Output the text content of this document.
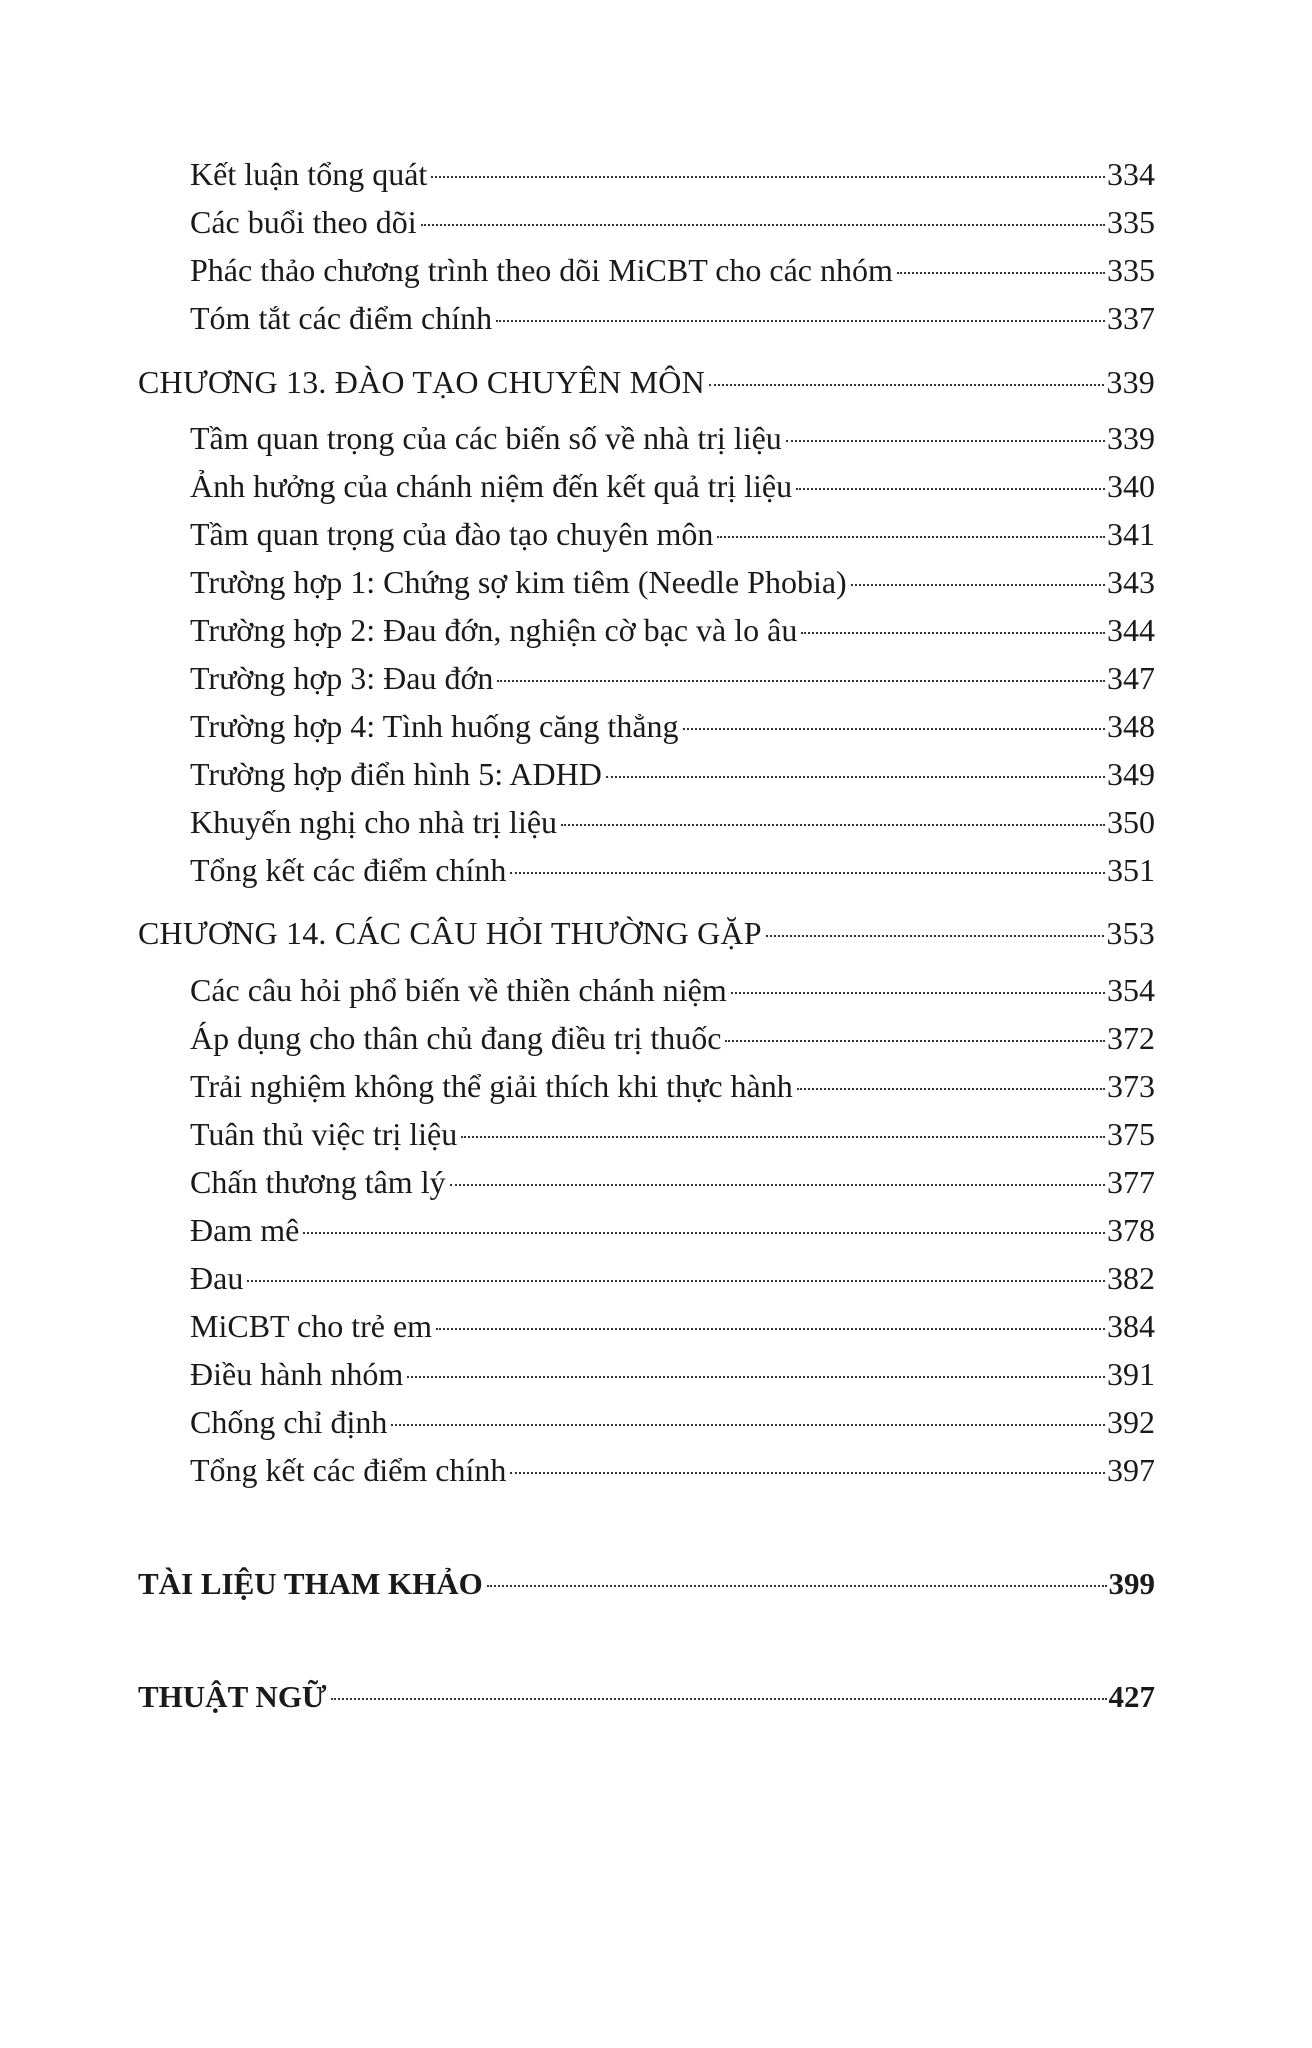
Kết luận tổng quát	334
Các buổi theo dõi	335
Phác thảo chương trình theo dõi MiCBT cho các nhóm	335
Tóm tắt các điểm chính	337
CHƯƠNG 13. ĐÀO TẠO CHUYÊN MÔN	339
Tầm quan trọng của các biến số về nhà trị liệu	339
Ảnh hưởng của chánh niệm đến kết quả trị liệu	340
Tầm quan trọng của đào tạo chuyên môn	341
Trường hợp 1: Chứng sợ kim tiêm (Needle Phobia)	343
Trường hợp 2: Đau đớn, nghiện cờ bạc và lo âu	344
Trường hợp 3: Đau đớn	347
Trường hợp 4: Tình huống căng thẳng	348
Trường hợp điển hình 5: ADHD	349
Khuyến nghị cho nhà trị liệu	350
Tổng kết các điểm chính	351
CHƯƠNG 14. CÁC CÂU HỎI THƯỜNG GẶP	353
Các câu hỏi phổ biến về thiền chánh niệm	354
Áp dụng cho thân chủ đang điều trị thuốc	372
Trải nghiệm không thể giải thích khi thực hành	373
Tuân thủ việc trị liệu	375
Chấn thương tâm lý	377
Đam mê	378
Đau	382
MiCBT cho trẻ em	384
Điều hành nhóm	391
Chống chỉ định	392
Tổng kết các điểm chính	397
TÀI LIỆU THAM KHẢO	399
THUẬT NGỮ	427
